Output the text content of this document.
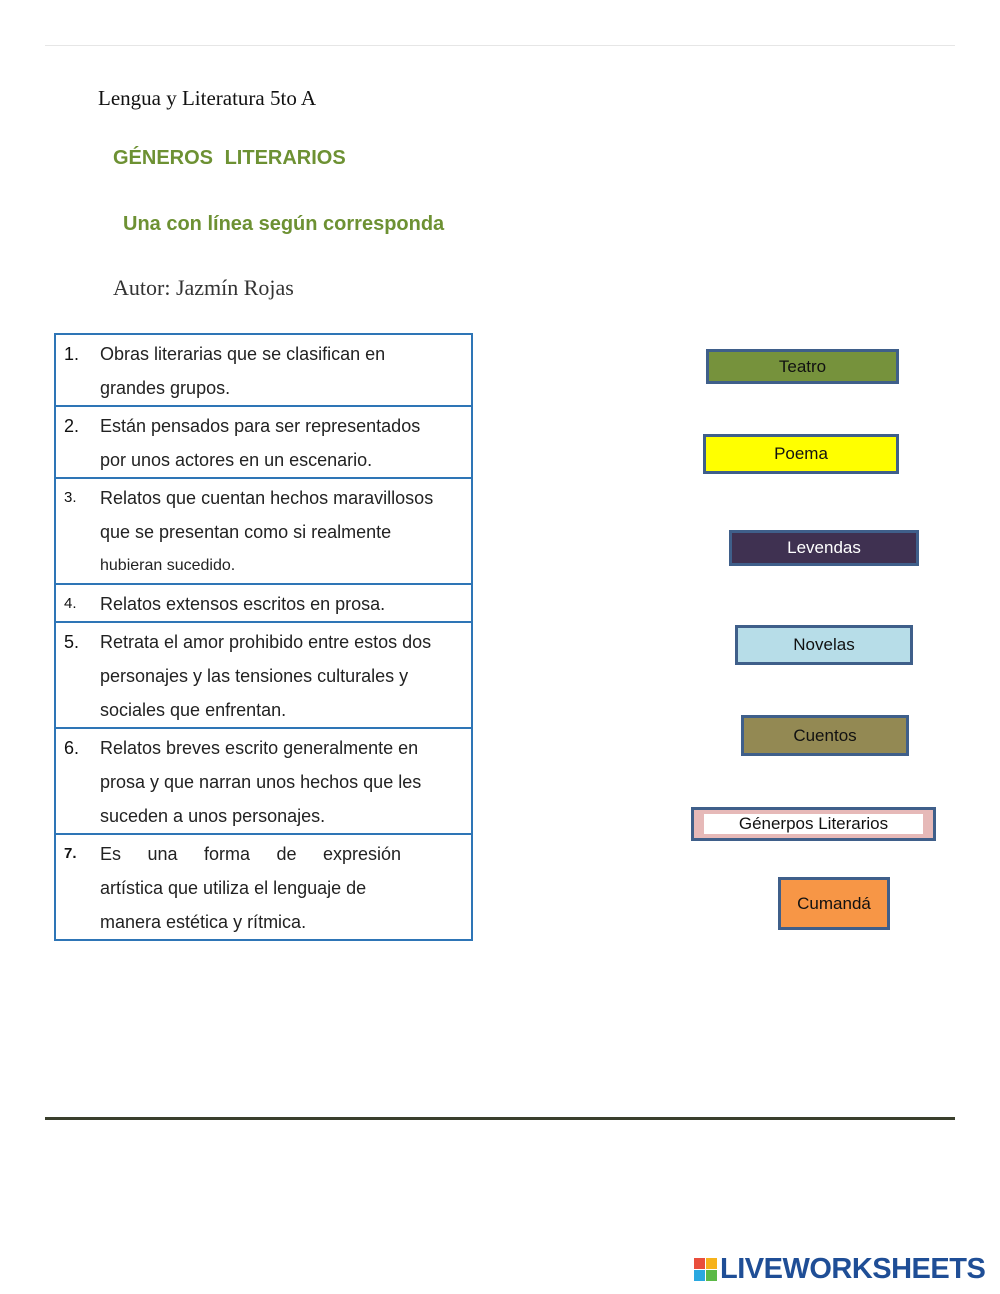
Lengua y Literatura 5to A
GÉNEROS LITERARIOS
Una con línea según corresponda
Autor: Jazmín Rojas
1.	Obras literarias que se clasifican en
grandes grupos.

2.	Están pensados para ser representados
por unos actores en un escenario.

3.	Relatos que cuentan hechos maravillosos
que se presentan como si realmente
hubieran sucedido.

4.	Relatos extensos escritos en prosa.

5.	Retrata el amor prohibido entre estos dos
personajes y las tensiones culturales y
sociales que enfrentan.

6.	Relatos breves escrito generalmente en
prosa y que narran unos hechos que les
suceden a unos personajes.

7.	Es una forma de expresión
artística que utiliza el lenguaje de
manera estética y rítmica.
Teatro
Poema
Levendas
Novelas
Cuentos
Génerpos Literarios
Cumandá
LIVEWORKSHEETS
